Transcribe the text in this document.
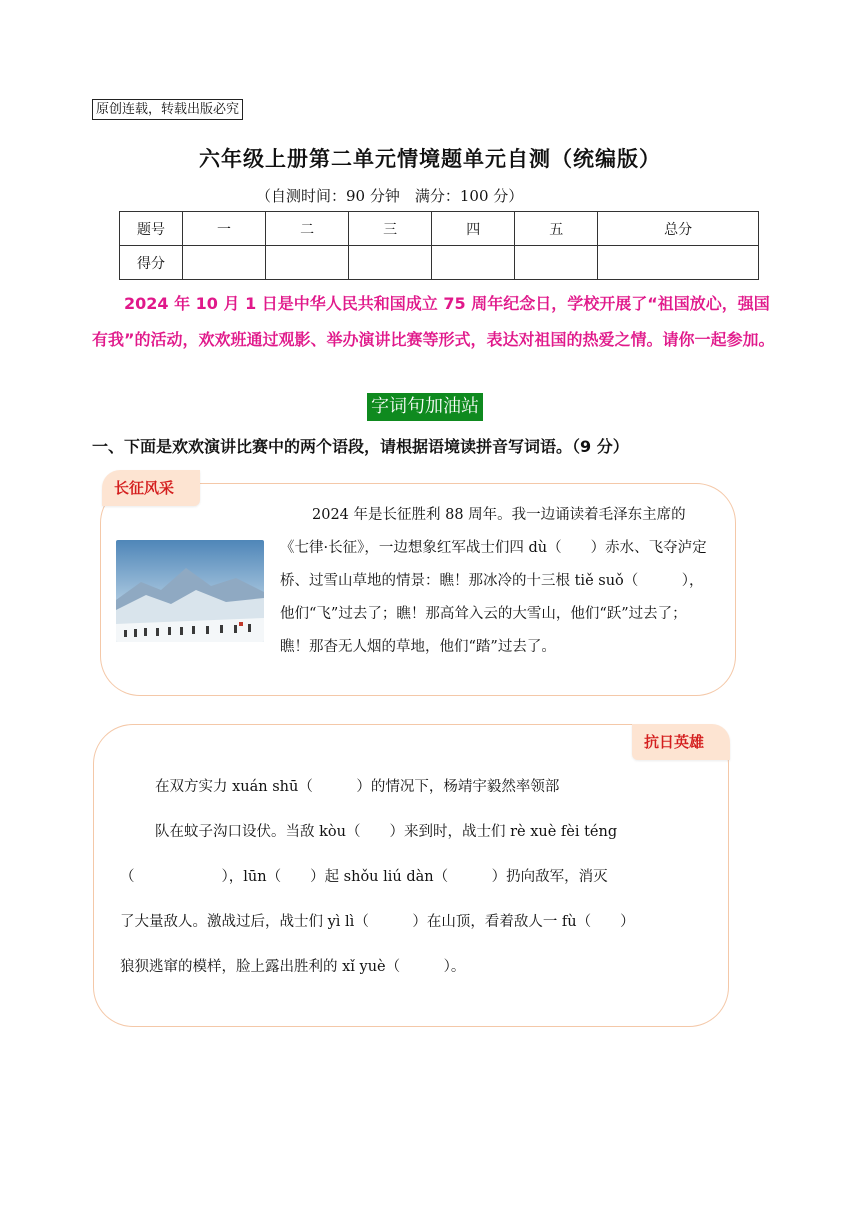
原创连载，转载出版必究
六年级上册第二单元情境题单元自测（统编版）
（自测时间：90 分钟　满分：100 分）
题号	一	二	三	四	五	总分
得分						
2024 年 10 月 1 日是中华人民共和国成立 75 周年纪念日，学校开展了“祖国放心，强国有我”的活动，欢欢班通过观影、举办演讲比赛等形式，表达对祖国的热爱之情。请你一起参加。
字词句加油站
一、下面是欢欢演讲比赛中的两个语段，请根据语境读拼音写词语。（9 分）
长征风采
2024 年是长征胜利 88 周年。我一边诵读着毛泽东主席的《七律·长征》，一边想象红军战士们四 dù（　　）赤水、飞夺泸定桥、过雪山草地的情景：瞧！那冰冷的十三根 tiě suǒ（　　　），他们“飞”过去了；瞧！那高耸入云的大雪山，他们“跃”过去了；瞧！那杳无人烟的草地，他们“踏”过去了。
抗日英雄
在双方实力 xuán shū（　　　）的情况下，杨靖宇毅然率领部
队在蚊子沟口设伏。当敌 kòu（　　）来到时，战士们 rè xuè fèi téng
（　　　　　　），lūn（　　）起 shǒu liú dàn（　　　）扔向敌军，消灭
了大量敌人。激战过后，战士们 yì lì（　　　）在山顶，看着敌人一 fù（　　）
狼狈逃窜的模样，脸上露出胜利的 xǐ yuè（　　　）。
